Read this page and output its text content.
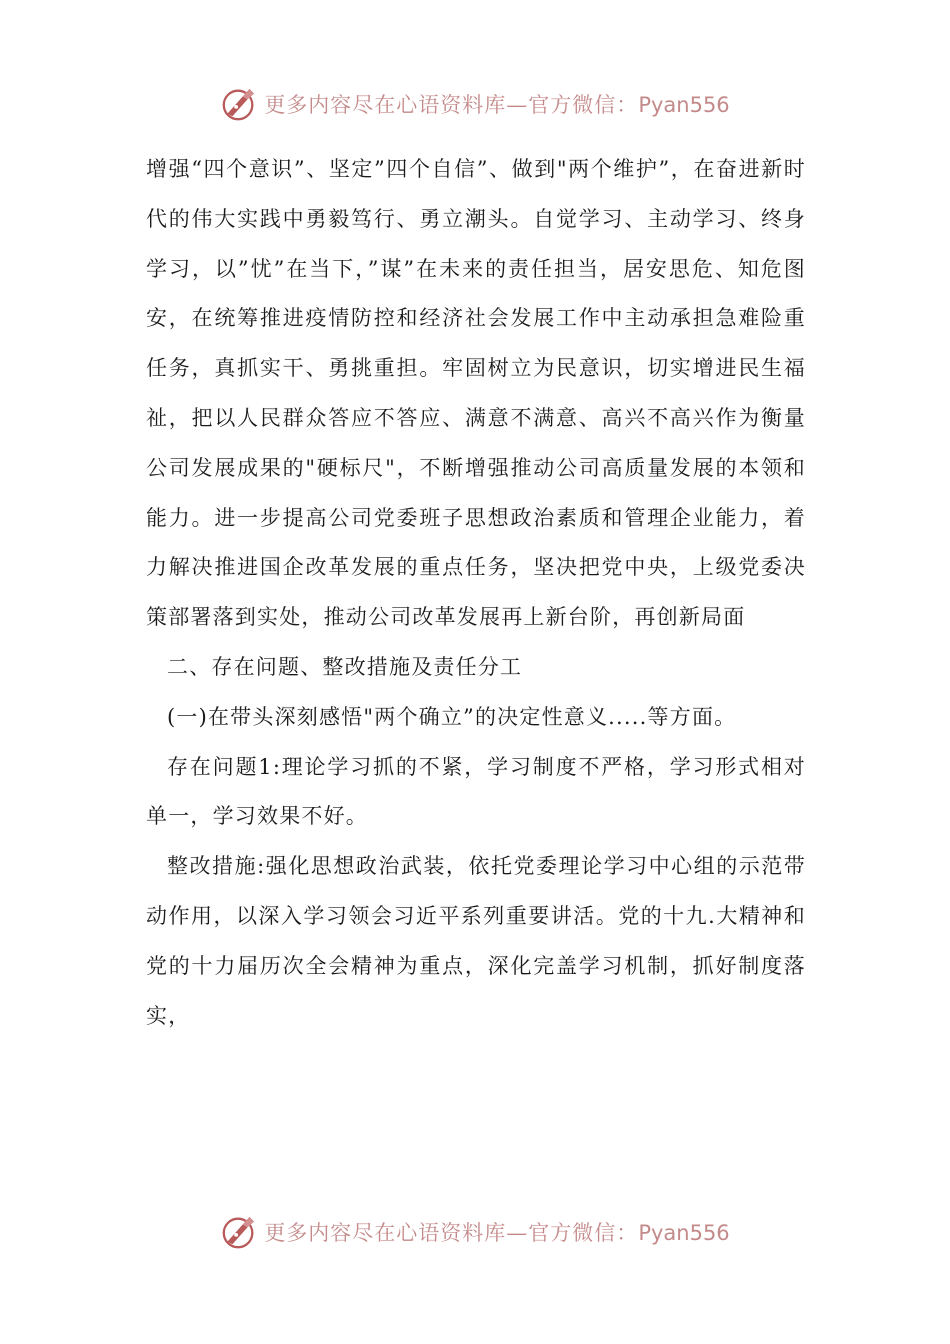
更多内容尽在心语资料库—官方微信：Pyan556

增强“四个意识”、坚定”四个自信”、做到"两个维护”，在奋进新时代的伟大实践中勇毅笃行、勇立潮头。自觉学习、主动学习、终身学习，以”忧”在当下，”谋”在未来的责任担当，居安思危、知危图安，在统筹推进疫情防控和经济社会发展工作中主动承担急难险重任务，真抓实干、勇挑重担。牢固树立为民意识，切实增进民生福祉，把以人民群众答应不答应、满意不满意、高兴不高兴作为衡量公司发展成果的"硬标尺"，不断增强推动公司高质量发展的本领和能力。进一步提高公司党委班子思想政治素质和管理企业能力，着力解决推进国企改革发展的重点任务，坚决把党中央，上级党委决策部署落到实处，推动公司改革发展再上新台阶，再创新局面

二、存在问题、整改措施及责任分工

(一)在带头深刻感悟"两个确立”的决定性意义.....等方面。

存在问题1:理论学习抓的不紧，学习制度不严格，学习形式相对单一，学习效果不好。

整改措施:强化思想政治武装，依托党委理论学习中心组的示范带动作用，以深入学习领会习近平系列重要讲活。党的十九.大精神和党的十力届历次全会精神为重点，深化完盖学习机制，抓好制度落实，

更多内容尽在心语资料库—官方微信：Pyan556
